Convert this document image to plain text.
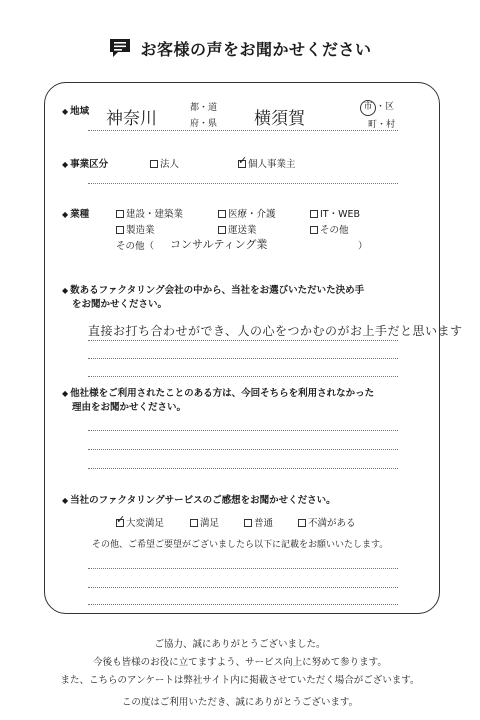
お客様の声をお聞かせください
◆ 地域 神奈川
都・道
府・県 横須賀
市 ・区
町・村
◆ 事業区分	法人
✓	個人事業主
◆ 業種	建設・建築業	医療・介護	IT・WEB
製造業	運送業	その他
その他（ コンサルティング業	）
◆ 数あるファクタリング会社の中から、当社をお選びいただいた決め手
をお聞かせください。
直接お打ち合わせができ、人の心をつかむのがお上手だと思います
◆ 他社様をご利用されたことのある方は、今回そちらを利用されなかった
理由をお聞かせください。
◆ 当社のファクタリングサービスのご感想をお聞かせください。
✓大変満足	満足	普通	不満がある
その他、ご希望ご要望がございましたら以下に記載をお願いいたします。
ご協力、誠にありがとうございました。
今後も皆様のお役に立てますよう、サービス向上に努めて参ります。
また、こちらのアンケートは弊社サイト内に掲載させていただく場合がございます。
この度はご利用いただき、誠にありがとうございます。
